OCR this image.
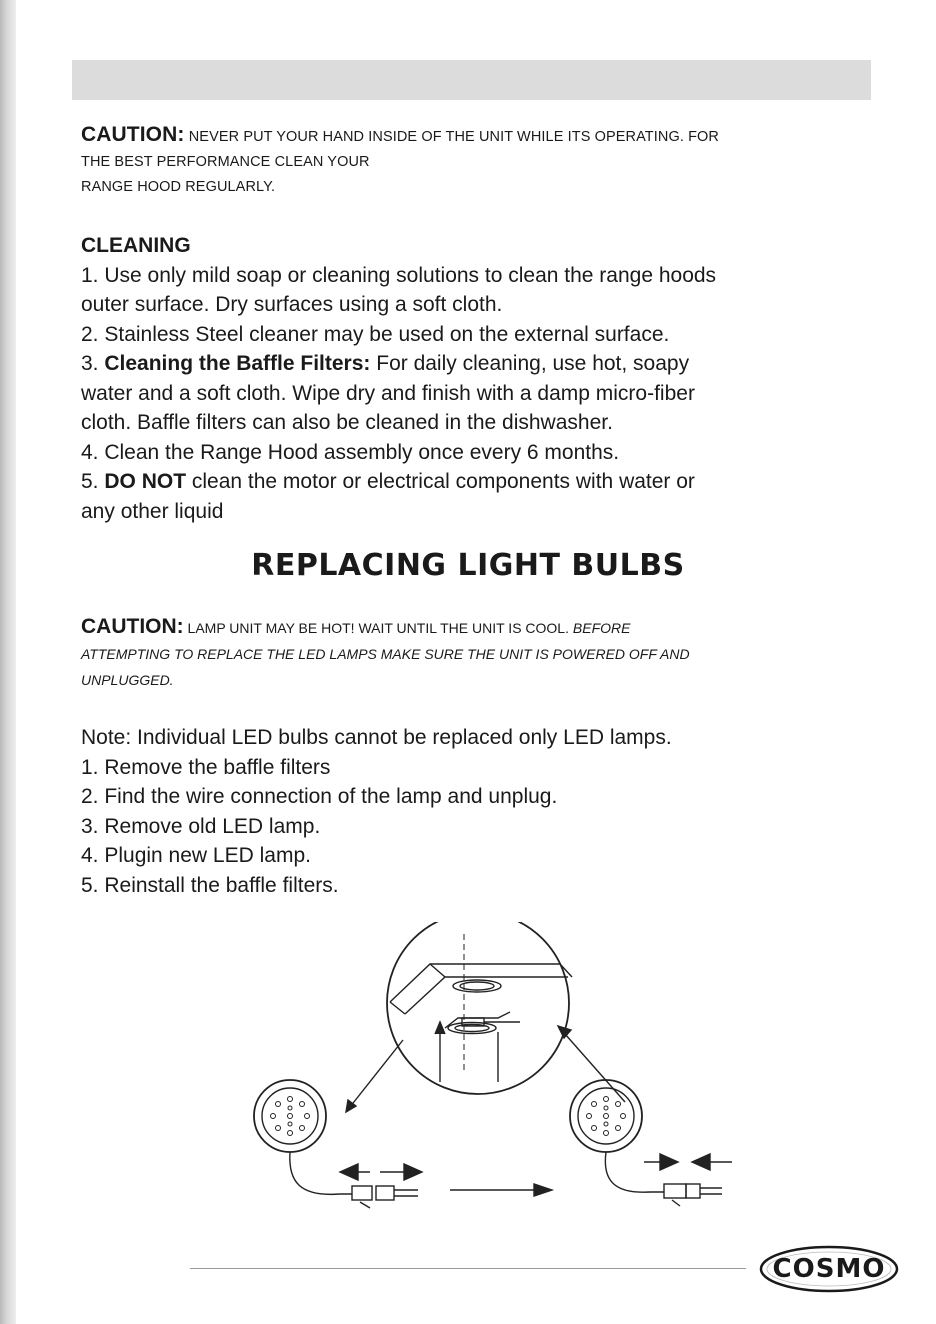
CAUTION: NEVER PUT YOUR HAND INSIDE OF THE UNIT WHILE ITS OPERATING. FOR
THE BEST PERFORMANCE CLEAN YOUR
RANGE HOOD REGULARLY.
CLEANING
1. Use only mild soap or cleaning solutions to clean the range hoods
outer surface. Dry surfaces using a soft cloth.
2. Stainless Steel cleaner may be used on the external surface.
3. Cleaning the Baffle Filters: For daily cleaning, use hot, soapy
water and a soft cloth. Wipe dry and finish with a damp micro-fiber
cloth. Baffle filters can also be cleaned in the dishwasher.
4. Clean the Range Hood assembly once every 6 months.
5. DO NOT clean the motor or electrical components with water or
any other liquid
REPLACING LIGHT BULBS
CAUTION: LAMP UNIT MAY BE HOT! WAIT UNTIL THE UNIT IS COOL. BEFORE
ATTEMPTING TO REPLACE THE LED LAMPS MAKE SURE THE UNIT IS POWERED OFF AND
UNPLUGGED.
Note: Individual LED bulbs cannot be replaced only LED lamps.
1. Remove the baffle filters
2. Find the wire connection of the lamp and unplug.
3. Remove old LED lamp.
4. Plugin new LED lamp.
5. Reinstall the baffle filters.
COSMO
